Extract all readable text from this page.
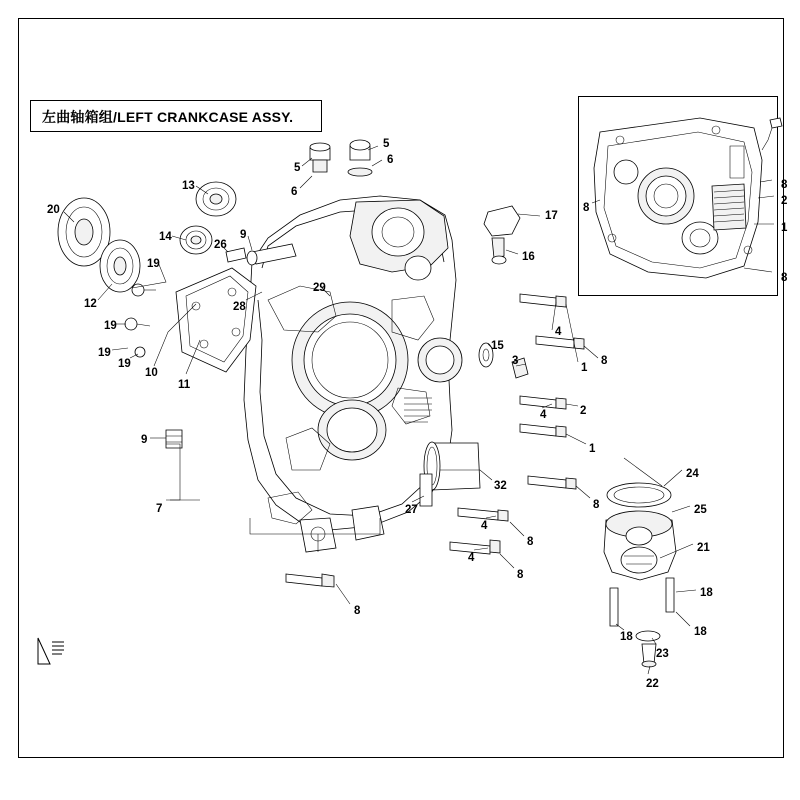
左曲轴箱组/LEFT CRANKCASE ASSY.
5
5
6
6
13
20
14
26
9
17
16
19
12
19
19
19
28
29
10
11
4
8
1
15
3
4	2
1
9
7	27
32
8
4
8
4
8
8
24
25
21
18
18
18
23
22
8
8
2
1
8
